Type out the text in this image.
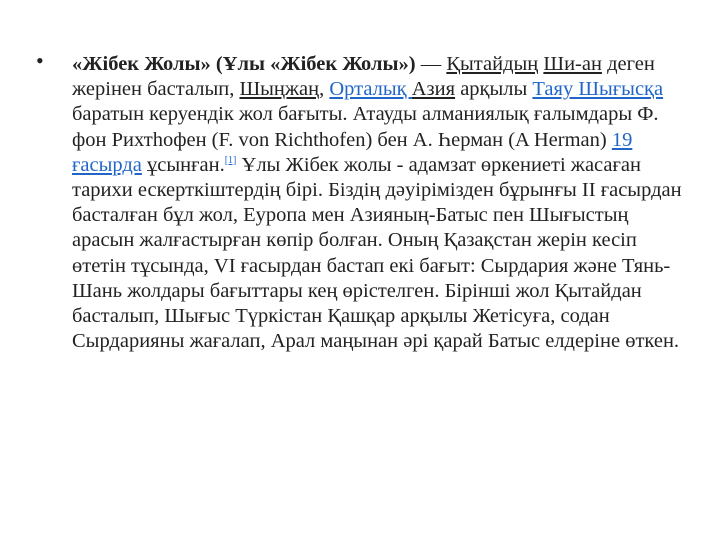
• «Жібек Жолы» (Ұлы «Жібек Жолы») — Қытайдың Ши-ан деген жерінен басталып, Шыңжаң, Орталық Азия арқылы Таяу Шығысқа баратын керуендік жол бағыты. Атауды алманиялық ғалымдары Ф. фон Рихтһофен (F. von Richthofen) бен А. Һерман (A Herman) 19 ғасырда ұсынған.[1] Ұлы Жібек жолы - адамзат өркениеті жасаған тарихи ескерткіштердің бірі. Біздің дәуірімізден бұрынғы ІІ ғасырдан басталған бұл жол, Еуропа мен Азияның-Батыс пен Шығыстың арасын жалғастырған көпір болған. Оның Қазақстан жерін кесіп өтетін тұсында, VI ғасырдан бастап екі бағыт: Сырдария және Тянь-Шань жолдары бағыттары кең өрістелген. Бірінші жол Қытайдан басталып, Шығыс Түркістан Қашқар арқылы Жетісуға, содан Сырдарияны жағалап, Арал маңынан әрі қарай Батыс елдеріне өткен.
